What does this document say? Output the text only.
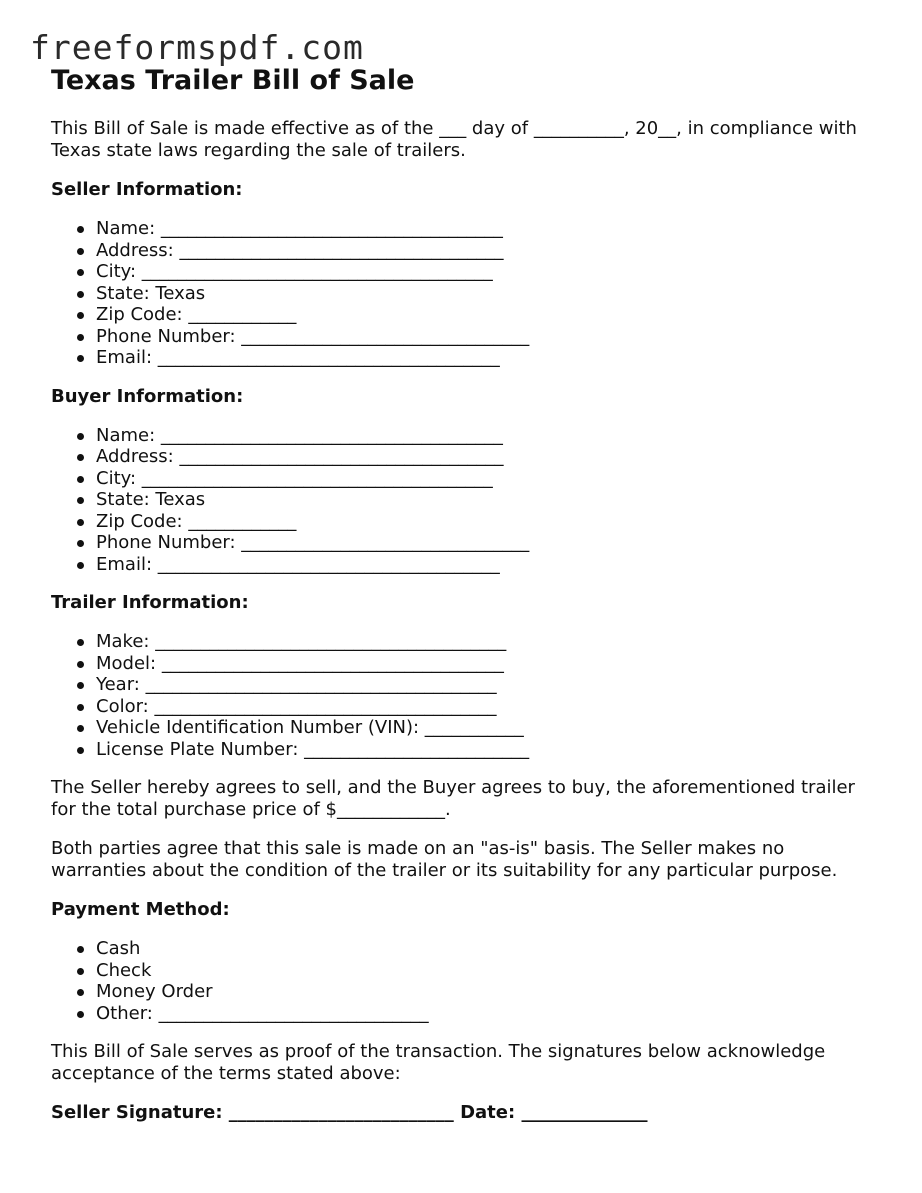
freeformspdf.com
Texas Trailer Bill of Sale

This Bill of Sale is made effective as of the ___ day of __________, 20__, in compliance with Texas state laws regarding the sale of trailers.

Seller Information:
Name: ______________________________________
Address: ____________________________________
City: _______________________________________
State: Texas
Zip Code: ____________
Phone Number: ________________________________
Email: ______________________________________
Buyer Information:
Name: ______________________________________
Address: ____________________________________
City: _______________________________________
State: Texas
Zip Code: ____________
Phone Number: ________________________________
Email: ______________________________________
Trailer Information:
Make: _______________________________________
Model: ______________________________________
Year: _______________________________________
Color: ______________________________________
Vehicle Identification Number (VIN): ___________
License Plate Number: _________________________

The Seller hereby agrees to sell, and the Buyer agrees to buy, the aforementioned trailer for the total purchase price of $____________.

Both parties agree that this sale is made on an "as-is" basis. The Seller makes no warranties about the condition of the trailer or its suitability for any particular purpose.

Payment Method:
Cash
Check
Money Order
Other: ______________________________

This Bill of Sale serves as proof of the transaction. The signatures below acknowledge acceptance of the terms stated above:

Seller Signature: _________________________ Date: ______________
